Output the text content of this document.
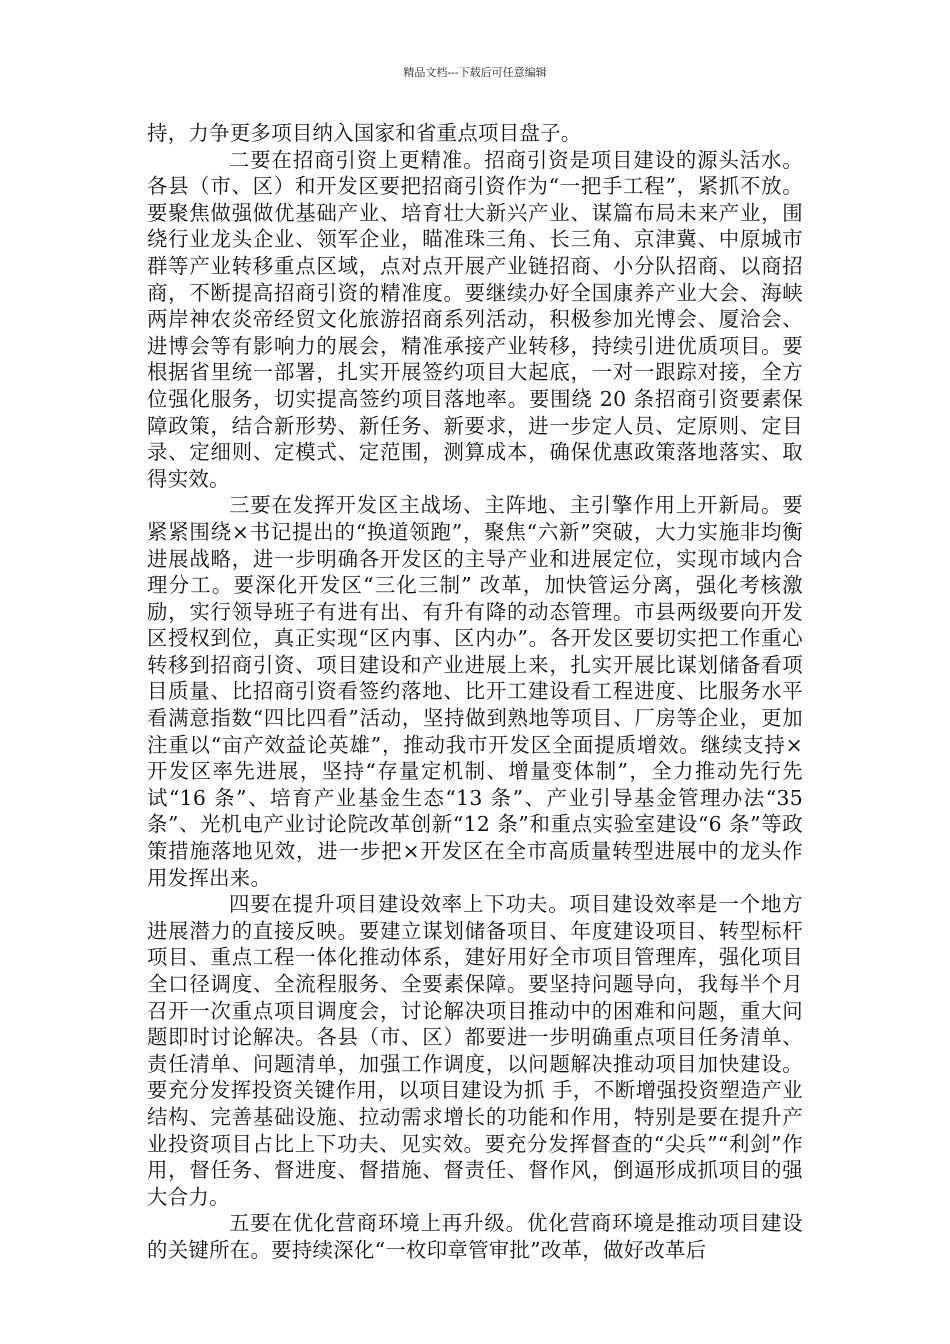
精品文档---下载后可任意编辑

持，力争更多项目纳入国家和省重点项目盘子。

二要在招商引资上更精准。招商引资是项目建设的源头活水。各县（市、区）和开发区要把招商引资作为“一把手工程”，紧抓不放。要聚焦做强做优基础产业、培育壮大新兴产业、谋篇布局未来产业，围绕行业龙头企业、领军企业，瞄准珠三角、长三角、京津冀、中原城市群等产业转移重点区域，点对点开展产业链招商、小分队招商、以商招商，不断提高招商引资的精准度。要继续办好全国康养产业大会、海峡两岸神农炎帝经贸文化旅游招商系列活动，积极参加光博会、厦洽会、进博会等有影响力的展会，精准承接产业转移，持续引进优质项目。要根据省里统一部署，扎实开展签约项目大起底，一对一跟踪对接，全方位强化服务，切实提高签约项目落地率。要围绕 20 条招商引资要素保障政策，结合新形势、新任务、新要求，进一步定人员、定原则、定目录、定细则、定模式、定范围，测算成本，确保优惠政策落地落实、取得实效。

三要在发挥开发区主战场、主阵地、主引擎作用上开新局。要紧紧围绕×书记提出的“换道领跑”，聚焦“六新”突破，大力实施非均衡进展战略，进一步明确各开发区的主导产业和进展定位，实现市域内合理分工。要深化开发区“三化三制” 改革，加快管运分离，强化考核激励，实行领导班子有进有出、有升有降的动态管理。市县两级要向开发区授权到位，真正实现“区内事、区内办”。各开发区要切实把工作重心转移到招商引资、项目建设和产业进展上来，扎实开展比谋划储备看项目质量、比招商引资看签约落地、比开工建设看工程进度、比服务水平看满意指数“四比四看”活动，坚持做到熟地等项目、厂房等企业，更加注重以“亩产效益论英雄”，推动我市开发区全面提质增效。继续支持×开发区率先进展，坚持“存量定机制、增量变体制”，全力推动先行先试“16 条”、培育产业基金生态“13 条”、产业引导基金管理办法“35 条”、光机电产业讨论院改革创新“12 条”和重点实验室建设“6 条”等政策措施落地见效，进一步把×开发区在全市高质量转型进展中的龙头作用发挥出来。

四要在提升项目建设效率上下功夫。项目建设效率是一个地方进展潜力的直接反映。要建立谋划储备项目、年度建设项目、转型标杆项目、重点工程一体化推动体系，建好用好全市项目管理库，强化项目全口径调度、全流程服务、全要素保障。要坚持问题导向，我每半个月召开一次重点项目调度会，讨论解决项目推动中的困难和问题，重大问题即时讨论解决。各县（市、区）都要进一步明确重点项目任务清单、责任清单、问题清单，加强工作调度，以问题解决推动项目加快建设。要充分发挥投资关键作用，以项目建设为抓 手，不断增强投资塑造产业结构、完善基础设施、拉动需求增长的功能和作用，特别是要在提升产业投资项目占比上下功夫、见实效。要充分发挥督查的“尖兵”“利剑”作用，督任务、督进度、督措施、督责任、督作风，倒逼形成抓项目的强大合力。

五要在优化营商环境上再升级。优化营商环境是推动项目建设的关键所在。要持续深化“一枚印章管审批”改革，做好改革后
